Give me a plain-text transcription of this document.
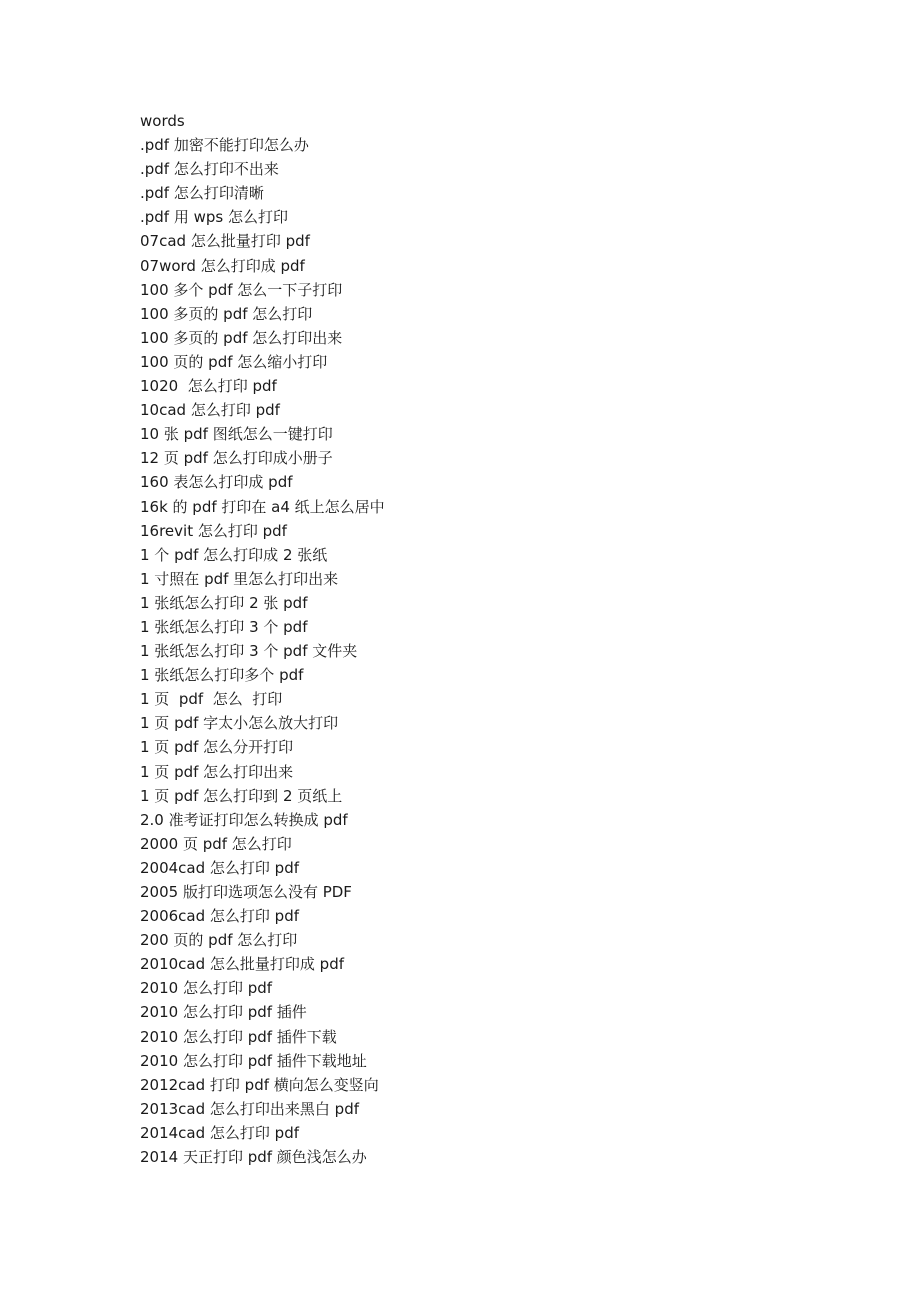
words
.pdf 加密不能打印怎么办
.pdf 怎么打印不出来
.pdf 怎么打印清晰
.pdf 用 wps 怎么打印
07cad 怎么批量打印 pdf
07word 怎么打印成 pdf
100 多个 pdf 怎么一下子打印
100 多页的 pdf 怎么打印
100 多页的 pdf 怎么打印出来
100 页的 pdf 怎么缩小打印
1020  怎么打印 pdf
10cad 怎么打印 pdf
10 张 pdf 图纸怎么一键打印
12 页 pdf 怎么打印成小册子
160 表怎么打印成 pdf
16k 的 pdf 打印在 a4 纸上怎么居中
16revit 怎么打印 pdf
1 个 pdf 怎么打印成 2 张纸
1 寸照在 pdf 里怎么打印出来
1 张纸怎么打印 2 张 pdf
1 张纸怎么打印 3 个 pdf
1 张纸怎么打印 3 个 pdf 文件夹
1 张纸怎么打印多个 pdf
1 页  pdf  怎么  打印
1 页 pdf 字太小怎么放大打印
1 页 pdf 怎么分开打印
1 页 pdf 怎么打印出来
1 页 pdf 怎么打印到 2 页纸上
2.0 准考证打印怎么转换成 pdf
2000 页 pdf 怎么打印
2004cad 怎么打印 pdf
2005 版打印选项怎么没有 PDF
2006cad 怎么打印 pdf
200 页的 pdf 怎么打印
2010cad 怎么批量打印成 pdf
2010 怎么打印 pdf
2010 怎么打印 pdf 插件
2010 怎么打印 pdf 插件下载
2010 怎么打印 pdf 插件下载地址
2012cad 打印 pdf 横向怎么变竖向
2013cad 怎么打印出来黑白 pdf
2014cad 怎么打印 pdf
2014 天正打印 pdf 颜色浅怎么办
